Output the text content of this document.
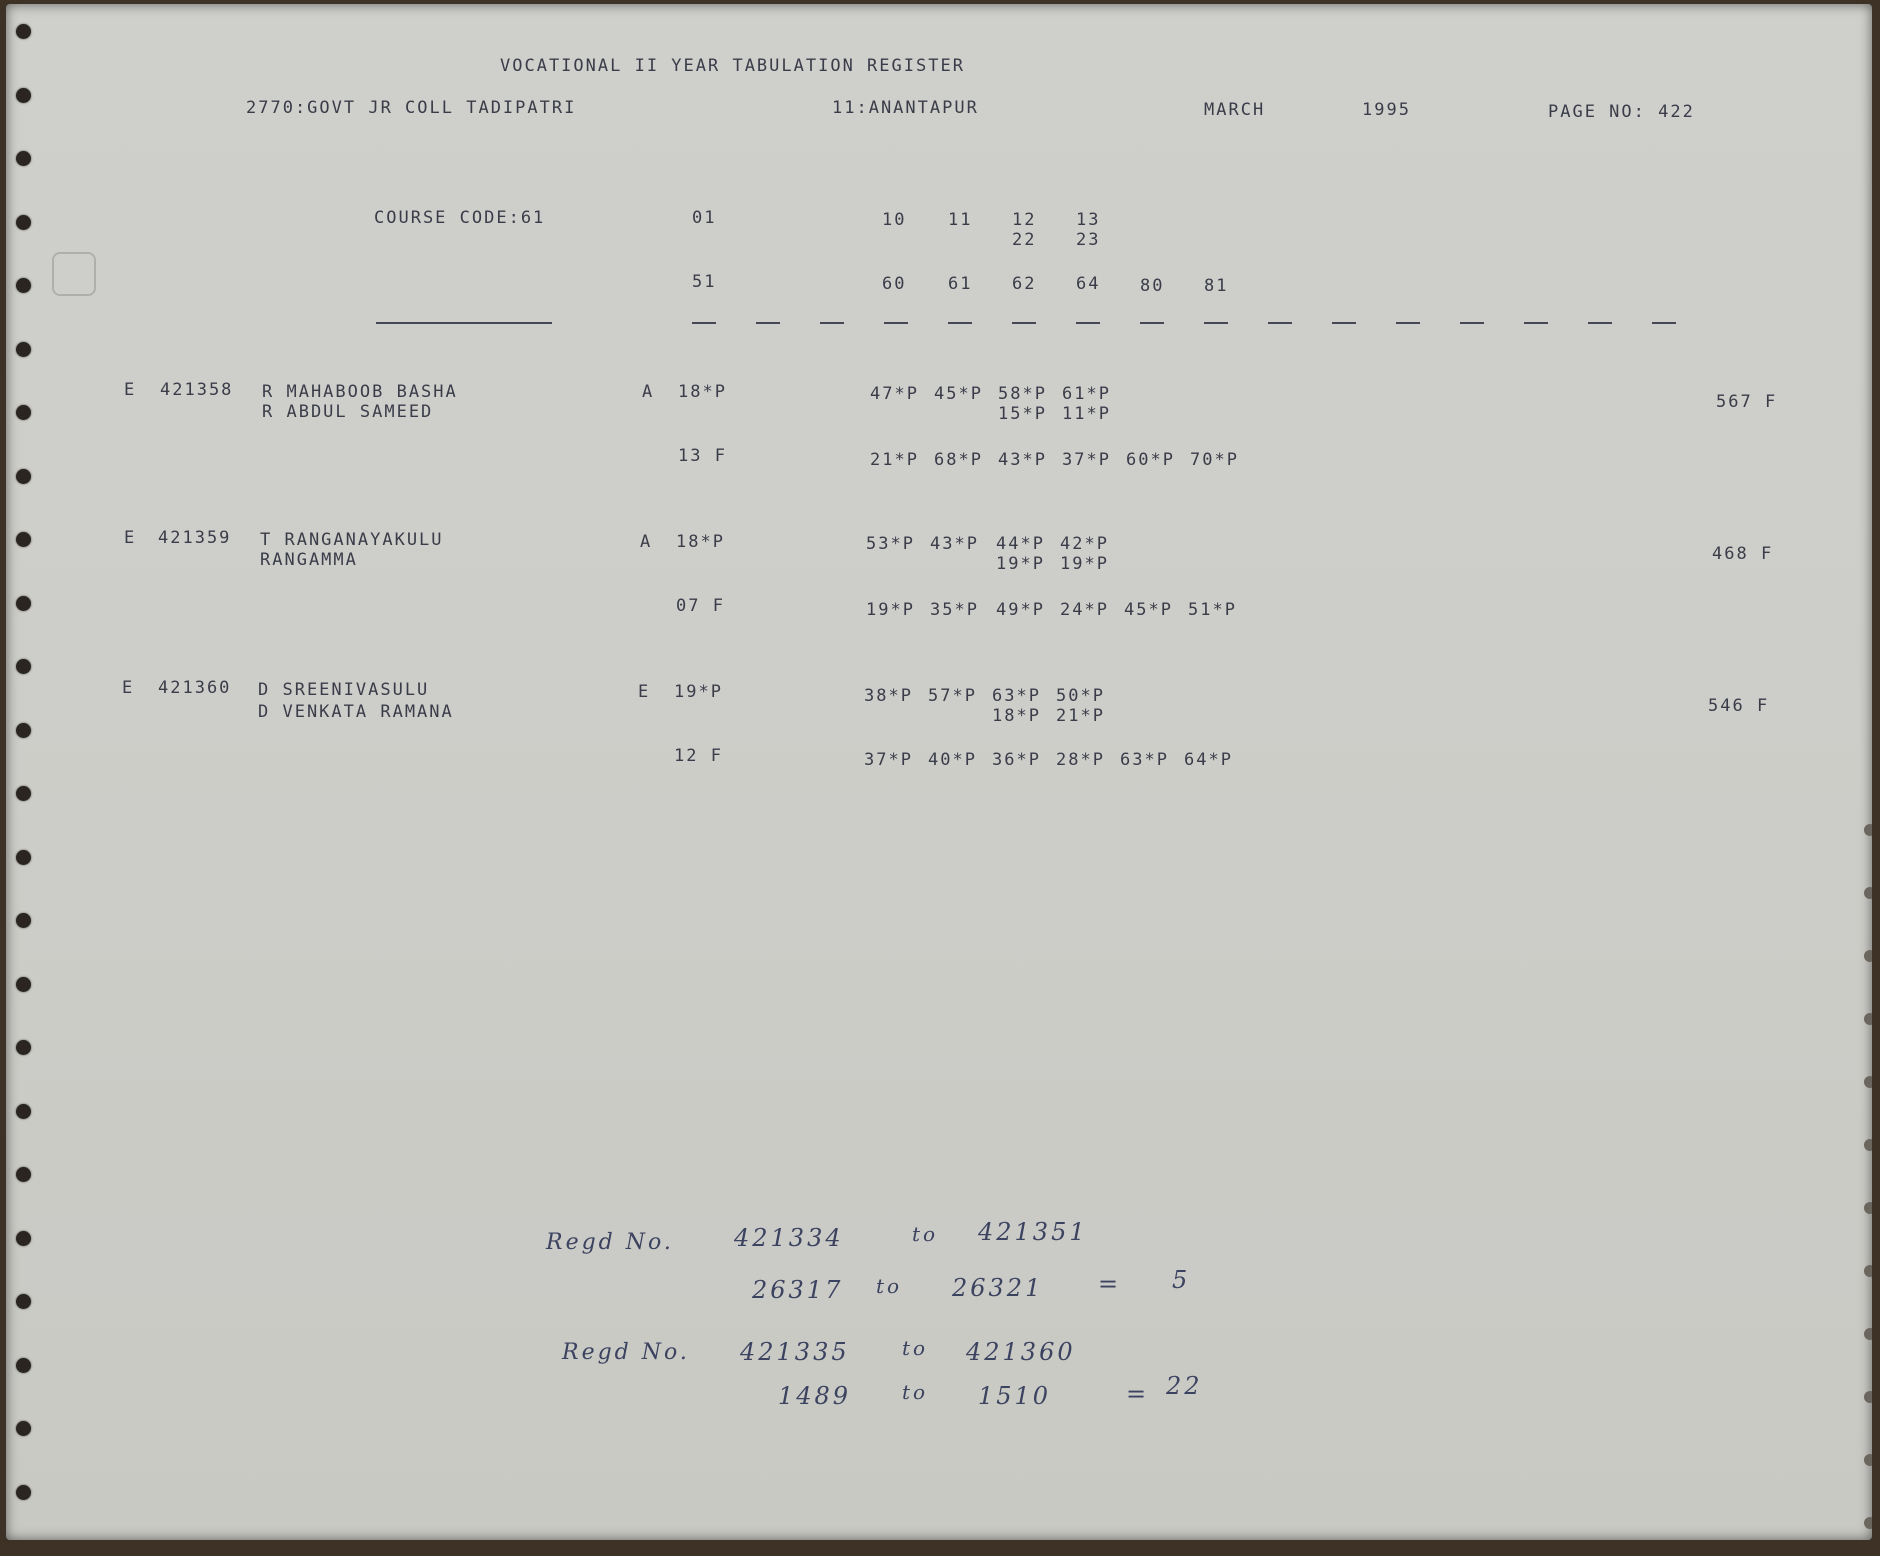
VOCATIONAL II YEAR TABULATION REGISTER
2770:GOVT JR COLL TADIPATRI	11:ANANTAPUR	MARCH	1995	PAGE NO: 422
COURSE CODE:61	01	10 11 12 13
22 23
51	60 61 62 64 80 81
E 421358 R MAHABOOB BASHA
R ABDUL SAMEED
A 18*P	47*P 45*P 58*P 61*P
15*P 11*P
13 F	21*P 68*P 43*P 37*P 60*P 70*P
567 F
E 421359 T RANGANAYAKULU
RANGAMMA
A 18*P	53*P 43*P 44*P 42*P
19*P 19*P
07 F	19*P 35*P 49*P 24*P 45*P 51*P
468 F
E 421360 D SREENIVASULU
D VENKATA RAMANA
E 19*P	38*P 57*P 63*P 50*P
18*P 21*P
12 F	37*P 40*P 36*P 28*P 63*P 64*P
546 F
Regd No.	421334	to 421351
26317 to 26321 = 5
Regd No. 421335	to 421360
1489	to 1510	= 22
